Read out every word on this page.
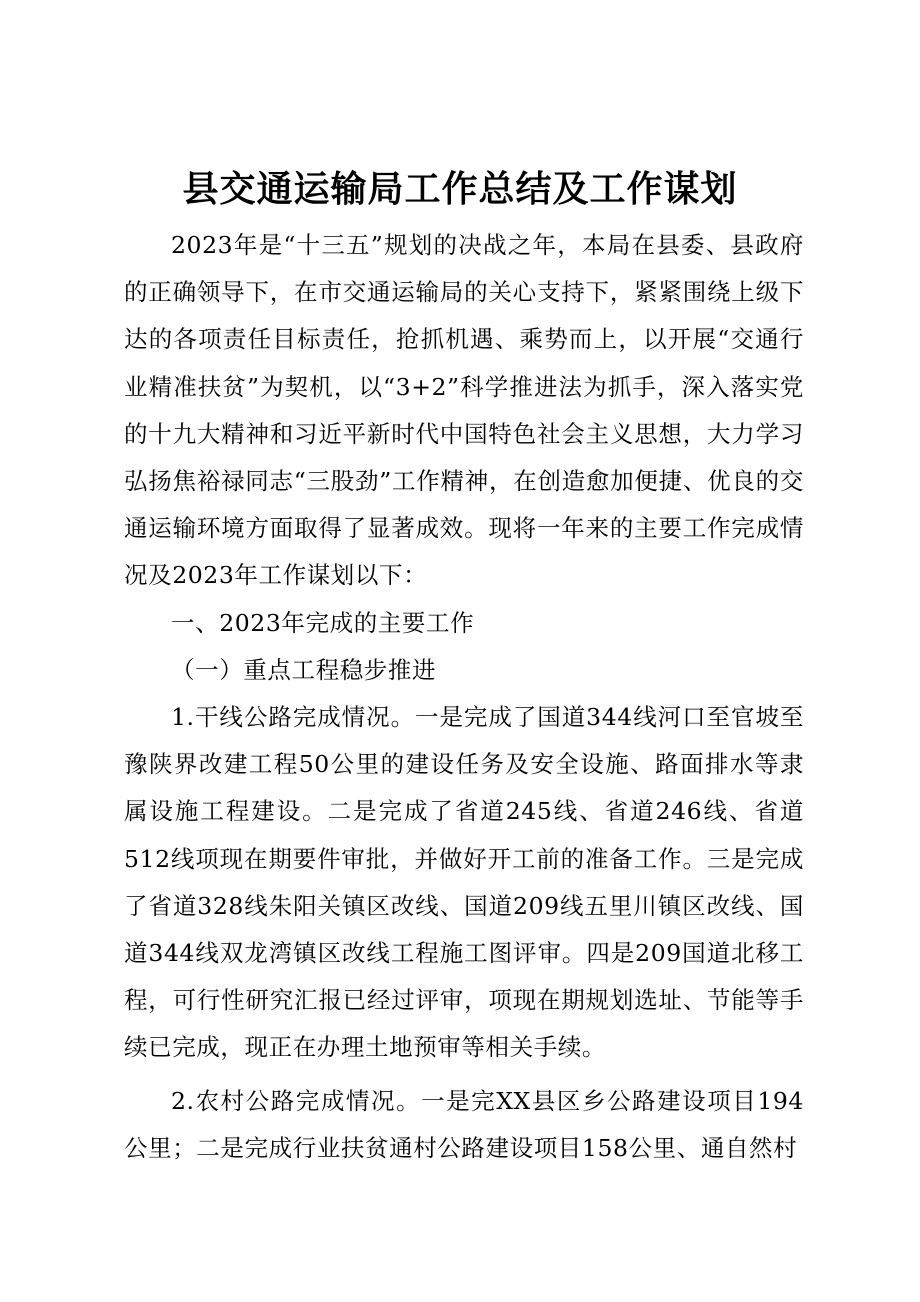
县交通运输局工作总结及工作谋划

2023年是“十三五”规划的决战之年，本局在县委、县政府的正确领导下，在市交通运输局的关心支持下，紧紧围绕上级下达的各项责任目标责任，抢抓机遇、乘势而上，以开展“交通行业精准扶贫”为契机，以“3+2”科学推进法为抓手，深入落实党的十九大精神和习近平新时代中国特色社会主义思想，大力学习弘扬焦裕禄同志“三股劲”工作精神，在创造愈加便捷、优良的交通运输环境方面取得了显著成效。现将一年来的主要工作完成情况及2023年工作谋划以下：

一、2023年完成的主要工作

（一）重点工程稳步推进

1.干线公路完成情况。一是完成了国道344线河口至官坡至豫陕界改建工程50公里的建设任务及安全设施、路面排水等隶属设施工程建设。二是完成了省道245线、省道246线、省道512线项现在期要件审批，并做好开工前的准备工作。三是完成了省道328线朱阳关镇区改线、国道209线五里川镇区改线、国道344线双龙湾镇区改线工程施工图评审。四是209国道北移工程，可行性研究汇报已经过评审，项现在期规划选址、节能等手续已完成，现正在办理土地预审等相关手续。

2.农村公路完成情况。一是完XX县区乡公路建设项目194公里；二是完成行业扶贫通村公路建设项目158公里、通自然村
